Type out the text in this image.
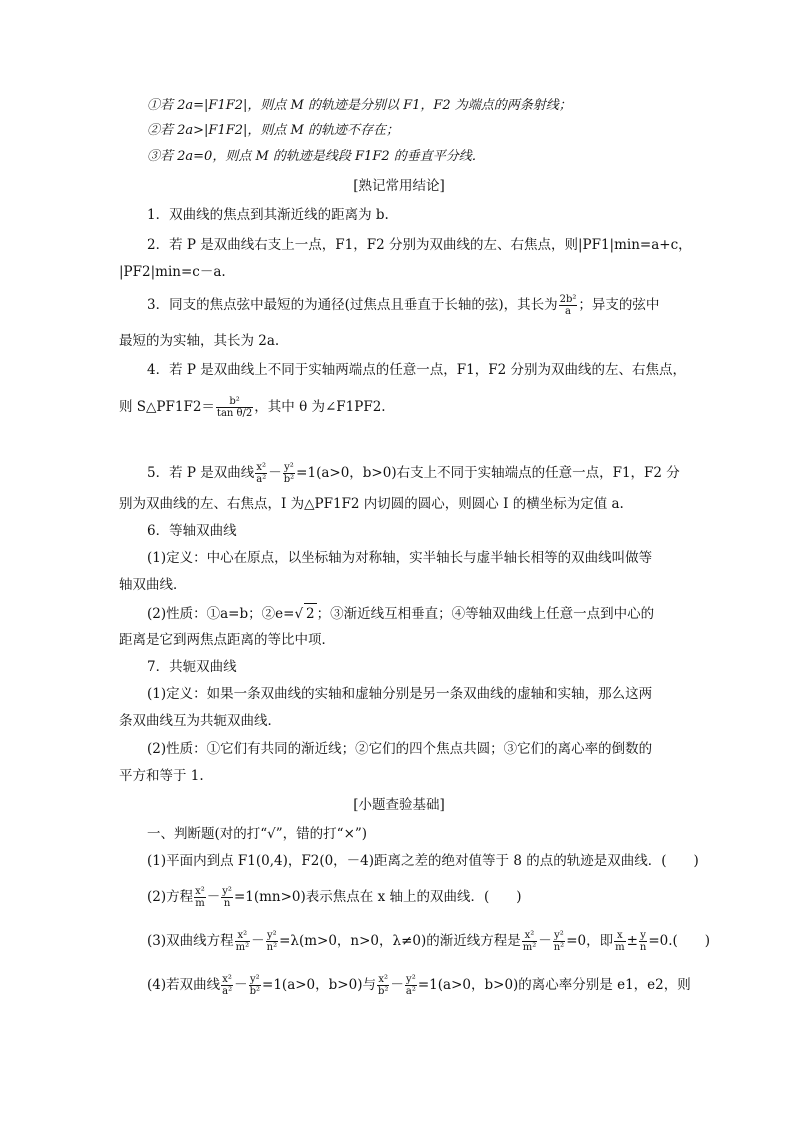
①若 2a=|F1F2|，则点 M 的轨迹是分别以 F1，F2 为端点的两条射线；
②若 2a>|F1F2|，则点 M 的轨迹不存在；
③若 2a=0，则点 M 的轨迹是线段 F1F2 的垂直平分线．
[熟记常用结论]
1．双曲线的焦点到其渐近线的距离为 b.
2．若 P 是双曲线右支上一点，F1，F2 分别为双曲线的左、右焦点，则|PF1|min=a+c，
|PF2|min=c－a.
3．同支的焦点弦中最短的为通径(过焦点且垂直于长轴的弦)，其长为 $\frac{\text{2b²}}{a}$ ；异支的弦中
最短的为实轴，其长为 2a.
4．若 P 是双曲线上不同于实轴两端点的任意一点，F1，F2 分别为双曲线的左、右焦点，
则 S△PF1F2＝ $\frac{\text{b²}}{\text{tan θ/2}}$ ，其中 θ 为∠F1PF2.
5．若 P 是双曲线 $\frac{\text{x²}}{\text{a²}} - \frac{\text{y²}}{\text{b²}} =1(a>0$，b>0)右支上不同于实轴端点的任意一点，F1，F2 分
别为双曲线的左、右焦点，I 为△PF1F2 内切圆的圆心，则圆心 I 的横坐标为定值 a.
6．等轴双曲线
(1)定义：中心在原点，以坐标轴为对称轴，实半轴长与虚半轴长相等的双曲线叫做等
轴双曲线．
(2)性质：①a=b；②e=√ 2 ；③渐近线互相垂直；④等轴双曲线上任意一点到中心的
距离是它到两焦点距离的等比中项．
7．共轭双曲线
(1)定义：如果一条双曲线的实轴和虚轴分别是另一条双曲线的虚轴和实轴，那么这两
条双曲线互为共轭双曲线．
(2)性质：①它们有共同的渐近线；②它们的四个焦点共圆；③它们的离心率的倒数的
平方和等于 1.
[小题查验基础]
一、判断题(对的打“√”，错的打“×”)
(1)平面内到点 F1(0,4)，F2(0，－4)距离之差的绝对值等于 8 的点的轨迹是双曲线．(　　)
(2)方程 $\frac{\text{x²}}{m} - \frac{\text{y²}}{n} =1(mn>0)$表示焦点在 x 轴上的双曲线．(　　)
(3)双曲线方程 $\frac{\text{x²}}{\text{m²}} - \frac{\text{y²}}{\text{n²}} =\lambda(m>0$，n>0，λ≠0)的渐近线方程是 $\frac{\text{x²}}{\text{m²}} - \frac{\text{y²}}{\text{n²}} =0$，即 $\frac{x}{m} \pm \frac{y}{n} =0$.(　　)
(4)若双曲线 $\frac{\text{x²}}{\text{a²}} - \frac{\text{y²}}{\text{b²}} =1(a>0$，b>0)与 $\frac{\text{x²}}{\text{b²}} - \frac{\text{y²}}{\text{a²}} =1(a>0$，b>0)的离心率分别是 e1，e2，则
